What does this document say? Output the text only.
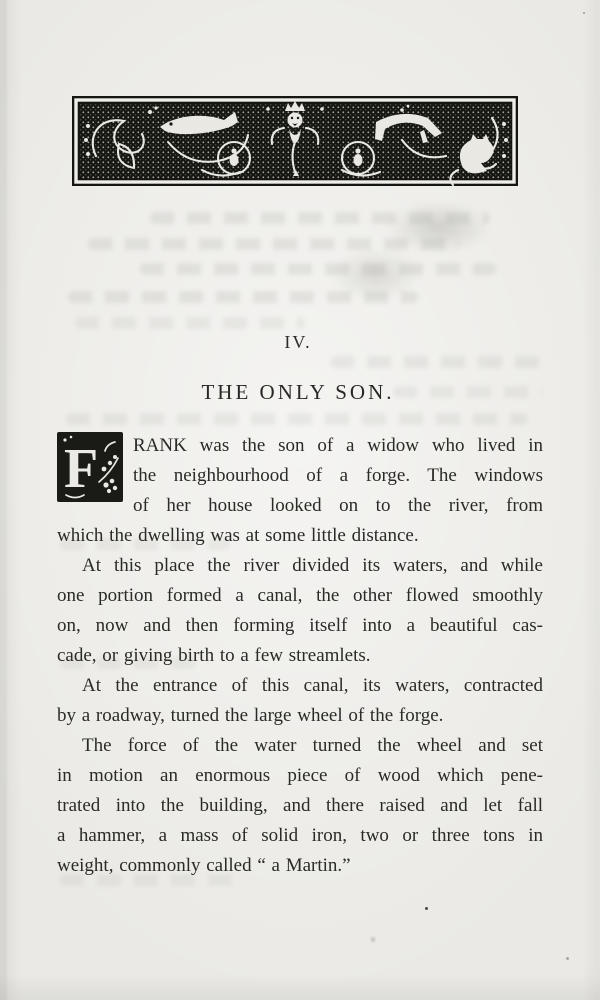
IV.
THE ONLY SON.
F	RANK was the son of a widow who lived in
the neighbourhood of a forge. The windows
of her house looked on to the river, from
which the dwelling was at some little distance.
At this place the river divided its waters, and while
one portion formed a canal, the other flowed smoothly
on, now and then forming itself into a beautiful cas-
cade, or giving birth to a few streamlets.
At the entrance of this canal, its waters, contracted
by a roadway, turned the large wheel of the forge.
The force of the water turned the wheel and set
in motion an enormous piece of wood which pene-
trated into the building, and there raised and let fall
a hammer, a mass of solid iron, two or three tons in
weight, commonly called “ a Martin.”
